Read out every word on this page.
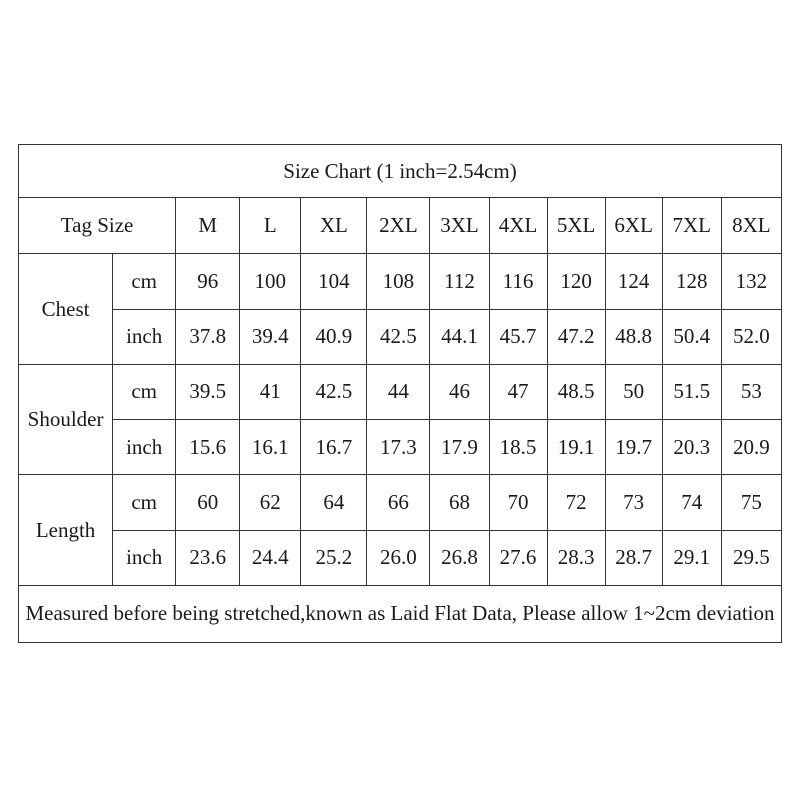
Size Chart (1 inch=2.54cm)											
Tag Size		M	L	XL	2XL	3XL	4XL	5XL	6XL	7XL	8XL
Chest	cm	96	100	104	108	112	116	120	124	128	132
	inch	37.8	39.4	40.9	42.5	44.1	45.7	47.2	48.8	50.4	52.0
Shoulder	cm	39.5	41	42.5	44	46	47	48.5	50	51.5	53
	inch	15.6	16.1	16.7	17.3	17.9	18.5	19.1	19.7	20.3	20.9
Length	cm	60	62	64	66	68	70	72	73	74	75
	inch	23.6	24.4	25.2	26.0	26.8	27.6	28.3	28.7	29.1	29.5
Measured before being stretched,known as Laid Flat Data, Please allow 1~2cm deviation											
